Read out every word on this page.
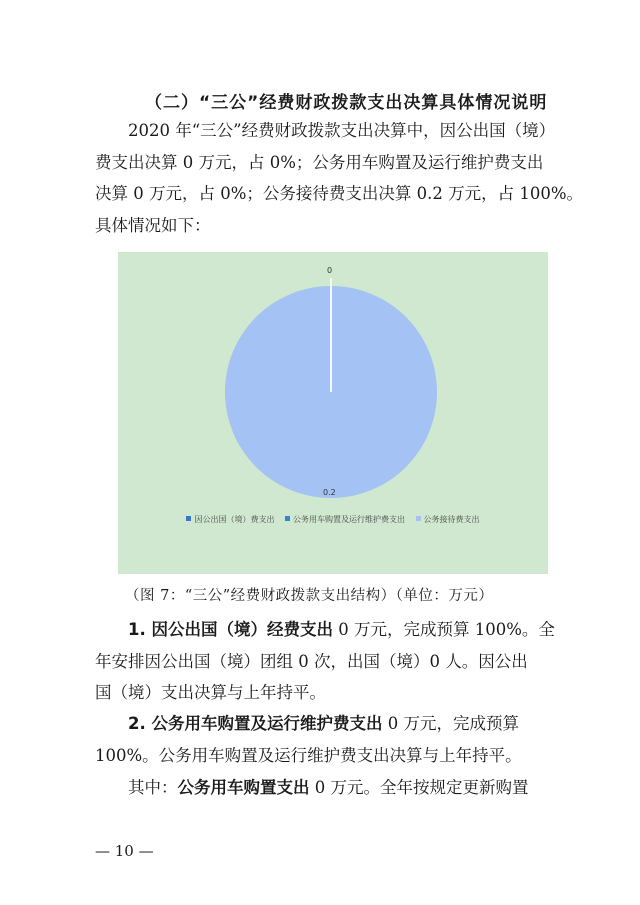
（二）“三公”经费财政拨款支出决算具体情况说明

2020 年“三公”经费财政拨款支出决算中，因公出国（境）

费支出决算 0 万元，占 0%；公务用车购置及运行维护费支出

决算 0 万元，占 0%；公务接待费支出决算 0.2 万元，占 100%。

具体情况如下：

0
0.2
因公出国（境）费支出 公务用车购置及运行维护费支出 公务接待费支出
（图 7：“三公”经费财政拨款支出结构）（单位：万元）

1. 因公出国（境）经费支出 0 万元，完成预算 100%。全

年安排因公出国（境）团组 0 次，出国（境）0 人。因公出

国（境）支出决算与上年持平。

2. 公务用车购置及运行维护费支出 0 万元，完成预算

100%。公务用车购置及运行维护费支出决算与上年持平。

其中：公务用车购置支出 0 万元。全年按规定更新购置

— 10 —
